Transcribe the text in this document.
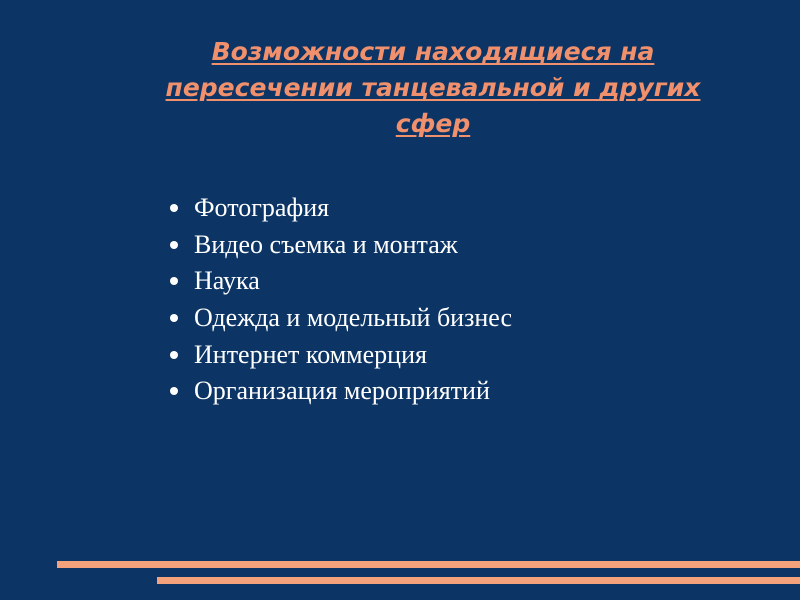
Возможности находящиеся на
пересечении танцевальной и других
сфер
Фотография
Видео съемка и монтаж
Наука
Одежда и модельный бизнес
Интернет коммерция
Организация мероприятий
